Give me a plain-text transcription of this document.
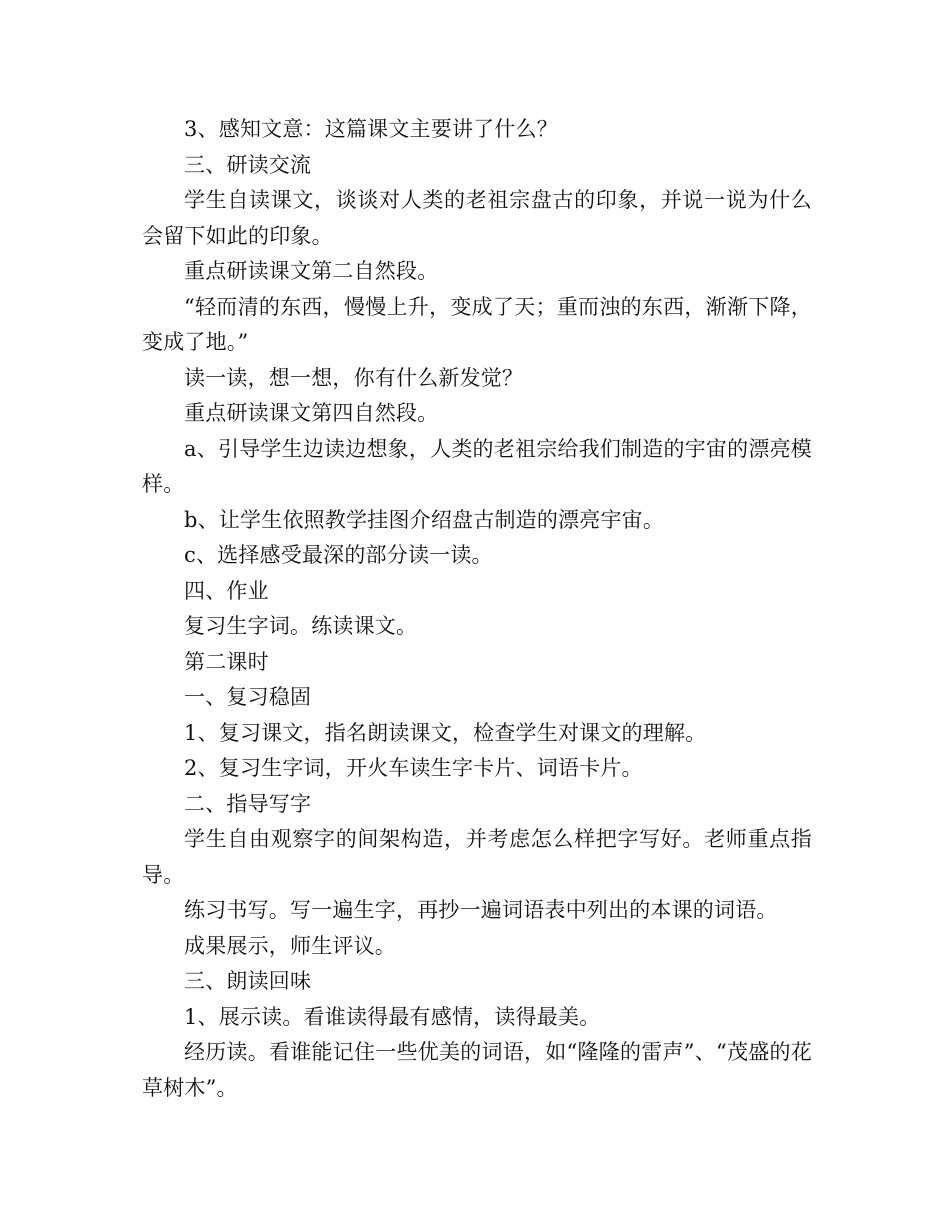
3、感知文意：这篇课文主要讲了什么？

三、研读交流

学生自读课文，谈谈对人类的老祖宗盘古的印象，并说一说为什么会留下如此的印象。

重点研读课文第二自然段。

“轻而清的东西，慢慢上升，变成了天；重而浊的东西，渐渐下降，变成了地。”

读一读，想一想，你有什么新发觉？

重点研读课文第四自然段。

a、引导学生边读边想象，人类的老祖宗给我们制造的宇宙的漂亮模样。

b、让学生依照教学挂图介绍盘古制造的漂亮宇宙。

c、选择感受最深的部分读一读。

四、作业

复习生字词。练读课文。

第二课时

一、复习稳固

1、复习课文，指名朗读课文，检查学生对课文的理解。

2、复习生字词，开火车读生字卡片、词语卡片。

二、指导写字

学生自由观察字的间架构造，并考虑怎么样把字写好。老师重点指导。

练习书写。写一遍生字，再抄一遍词语表中列出的本课的词语。

成果展示，师生评议。

三、朗读回味

1、展示读。看谁读得最有感情，读得最美。

经历读。看谁能记住一些优美的词语，如“隆隆的雷声”、“茂盛的花草树木”。
